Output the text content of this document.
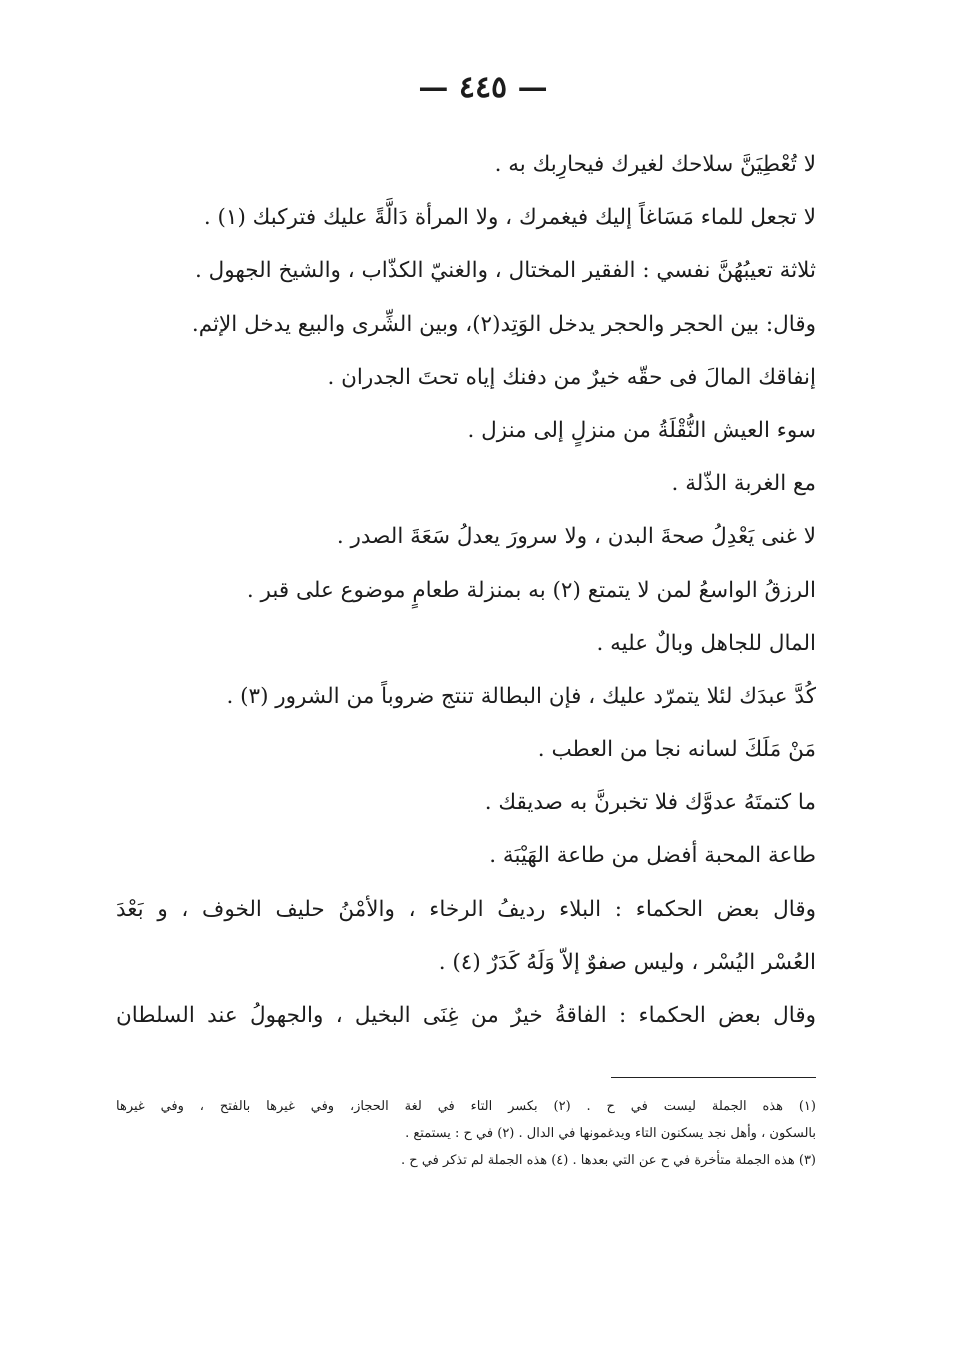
— ٤٤٥ —
لا تُعْطِيَنَّ سلاحك لغيرك فيحارِبك به .
لا تجعل للماء مَسَاغاً إليك فيغمرك ، ولا المرأة دَالَّةً عليك فتركبك (١) .
ثلاثة تعيبُهُنَّ نفسي : الفقير المختال ، والغنيّ الكذّاب ، والشيخ الجهول .
وقال: بين الحجر والحجر يدخل الوَتِد(٢)، وبين الشِّرى والبيع يدخل الإثم.
إنفاقك المالَ فى حقّه خيرٌ من دفنك إياه تحتَ الجدران .
سوء العيش النُّقْلَةُ من منزلٍ إلى منزل .
مع الغربة الذّلة .
لا غنى يَعْدِلُ صحةَ البدن ، ولا سرورَ يعدلُ سَعَةَ الصدر .
الرزقُ الواسعُ لمن لا يتمتع (٢) به بمنزلة طعامٍ موضوع على قبر .
المال للجاهل وبالٌ عليه .
كُدَّ عبدَك لئلا يتمرّد عليك ، فإن البطالة تنتج ضروباً من الشرور (٣) .
مَنْ مَلَكَ لسانه نجا من العطب .
ما كتمتَهُ عدوَّك فلا تخبرنَّ به صديقك .
طاعة المحبة أفضل من طاعة الهَيْبَة .
وقال بعض الحكماء : البلاء رديفُ الرخاء ، والأمْنُ حليف الخوف ، و بَعْدَ
العُسْر اليُسْر ، وليس صفوٌ إلاّ وَلَهُ كَدَرٌ (٤) .
وقال بعض الحكماء : الفاقةُ خيرٌ من غِنَى البخيل ، والجهولُ عند السلطان
(١) هذه الجملة ليست في ح . (٢) بكسر التاء في لغة الحجاز، وفي غيرها بالفتح ، وفي غيرها
بالسكون ، وأهل نجد يسكنون التاء ويدغمونها في الدال . (٢) في ح : يستمتع .
(٣) هذه الجملة متأخرة في ح عن التي بعدها . (٤) هذه الجملة لم تذكر في ح .
